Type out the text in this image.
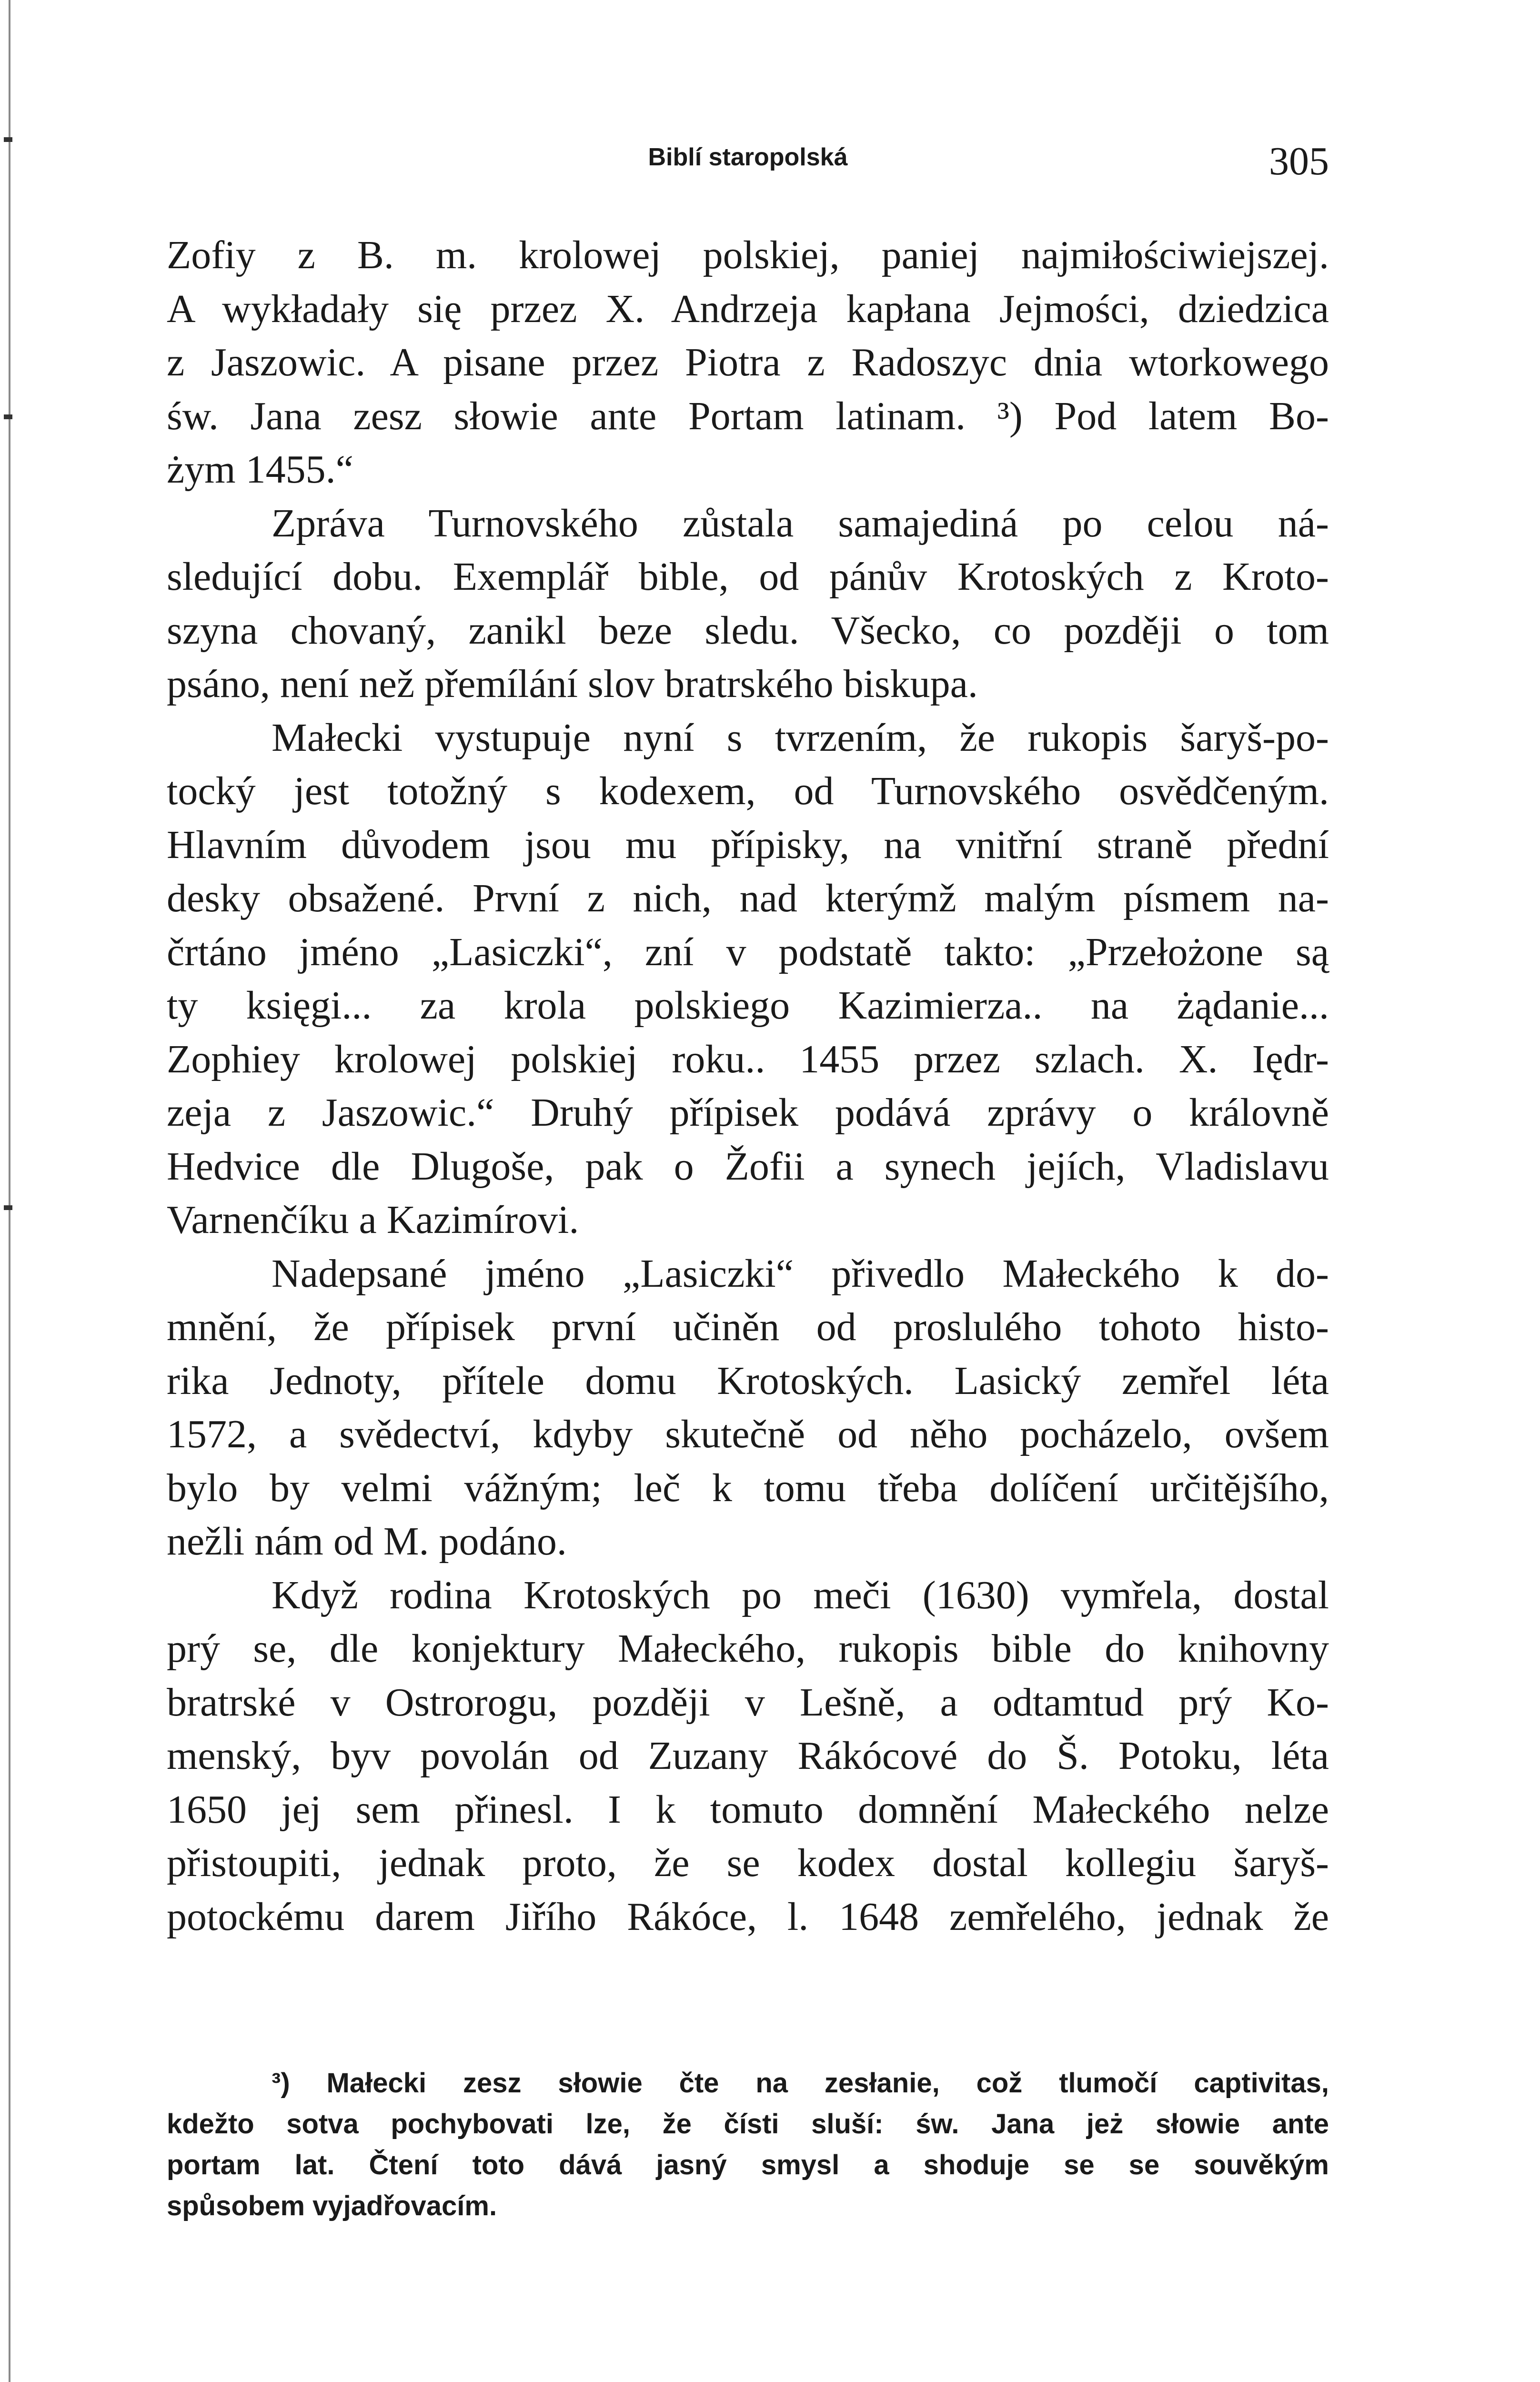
Biblí staropolská	305
Zofiy z B. m. krolowej polskiej, paniej najmiłościwiejszej.
A wykładały się przez X. Andrzeja kapłana Jejmości, dziedzica
z Jaszowic. A pisane przez Piotra z Radoszyc dnia wtorkowego
św. Jana zesz słowie ante Portam latinam. ³) Pod latem Bo-
żym 1455.“
Zpráva Turnovského zůstala samajediná po celou ná-
sledující dobu. Exemplář bible, od pánův Krotoských z Kroto-
szyna chovaný, zanikl beze sledu. Všecko, co později o tom
psáno, není než přemílání slov bratrského biskupa.
Małecki vystupuje nyní s tvrzením, že rukopis šaryš-po-
tocký jest totožný s kodexem, od Turnovského osvědčeným.
Hlavním důvodem jsou mu přípisky, na vnitřní straně přední
desky obsažené. První z nich, nad kterýmž malým písmem na-
črtáno jméno „Lasiczki“, zní v podstatě takto: „Przełożone są
ty księgi... za krola polskiego Kazimierza.. na żądanie...
Zophiey krolowej polskiej roku.. 1455 przez szlach. X. Iędr-
zeja z Jaszowic.“ Druhý přípisek podává zprávy o královně
Hedvice dle Dlugoše, pak o Žofii a synech jejích, Vladislavu
Varnenčíku a Kazimírovi.
Nadepsané jméno „Lasiczki“ přivedlo Małeckého k do-
mnění, že přípisek první učiněn od proslulého tohoto histo-
rika Jednoty, přítele domu Krotoských. Lasický zemřel léta
1572, a svědectví, kdyby skutečně od něho pocházelo, ovšem
bylo by velmi vážným; leč k tomu třeba dolíčení určitějšího,
nežli nám od M. podáno.
Když rodina Krotoských po meči (1630) vymřela, dostal
prý se, dle konjektury Małeckého, rukopis bible do knihovny
bratrské v Ostrorogu, později v Lešně, a odtamtud prý Ko-
menský, byv povolán od Zuzany Rákócové do Š. Potoku, léta
1650 jej sem přinesl. I k tomuto domnění Małeckého nelze
přistoupiti, jednak proto, že se kodex dostal kollegiu šaryš-
potockému darem Jiřího Rákóce, l. 1648 zemřelého, jednak že
³) Małecki zesz słowie čte na zesłanie, což tlumočí captivitas,
kdežto sotva pochybovati lze, že čísti sluší: św. Jana jeż słowie ante
portam lat. Čtení toto dává jasný smysl a shoduje se se souvěkým
spůsobem vyjadřovacím.
